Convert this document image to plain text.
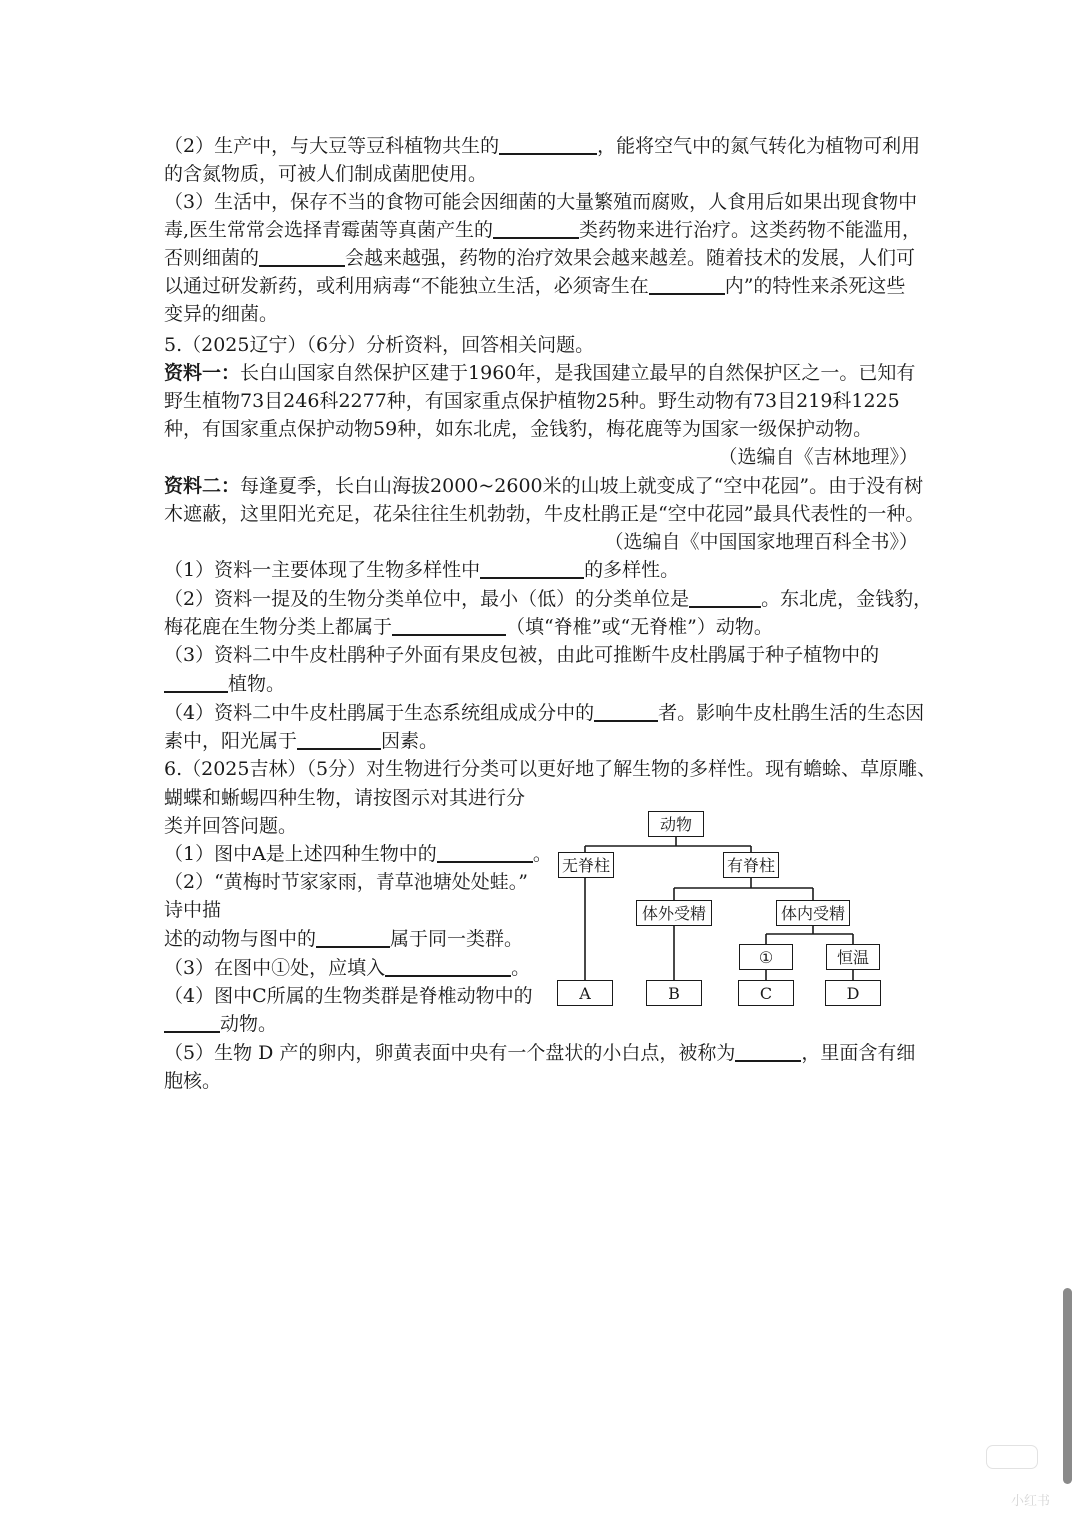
（2）生产中，与大豆等豆科植物共生的	，能将空气中的氮气转化为植物可利用
的含氮物质，可被人们制成菌肥使用。
（3）生活中，保存不当的食物可能会因细菌的大量繁殖而腐败，人食用后如果出现食物中
毒,医生常常会选择青霉菌等真菌产生的	类药物来进行治疗。这类药物不能滥用，
否则细菌的	会越来越强，药物的治疗效果会越来越差。随着技术的发展，人们可
以通过研发新药，或利用病毒“不能独立生活，必须寄生在	内”的特性来杀死这些
变异的细菌。
5.（2025辽宁）（6分）分析资料，回答相关问题。
资料一：长白山国家自然保护区建于1960年，是我国建立最早的自然保护区之一。已知有
野生植物73目246科2277种，有国家重点保护植物25种。野生动物有73目219科1225
种，有国家重点保护动物59种，如东北虎，金钱豹，梅花鹿等为国家一级保护动物。
（选编自《吉林地理》）
资料二：每逢夏季，长白山海拔2000~2600米的山坡上就变成了“空中花园”。由于没有树
木遮蔽，这里阳光充足，花朵往往生机勃勃，牛皮杜鹃正是“空中花园”最具代表性的一种。
（选编自《中国国家地理百科全书》）
（1）资料一主要体现了生物多样性中	的多样性。
（2）资料一提及的生物分类单位中，最小（低）的分类单位是	。东北虎，金钱豹，
梅花鹿在生物分类上都属于	（填“脊椎”或“无脊椎”）动物。
（3）资料二中牛皮杜鹃种子外面有果皮包被，由此可推断牛皮杜鹃属于种子植物中的
植物。
（4）资料二中牛皮杜鹃属于生态系统组成成分中的	者。影响牛皮杜鹃生活的生态因
素中，阳光属于	因素。
6.（2025吉林）（5分）对生物进行分类可以更好地了解生物的多样性。现有蟾蜍、草原雕、
蝴蝶和蜥蜴四种生物，请按图示对其进行分
类并回答问题。
（1）图中A是上述四种生物中的	。
（2）“黄梅时节家家雨，青草池塘处处蛙。”
诗中描
述的动物与图中的	属于同一类群。
（3）在图中①处，应填入	。
（4）图中C所属的生物类群是脊椎动物中的
动物。
（5）生物 D 产的卵内，卵黄表面中央有一个盘状的小白点，被称为	，里面含有细
胞核。
动物
无脊柱	有脊柱
体外受精	体内受精
①	恒温
A	B	C	D
小红书
